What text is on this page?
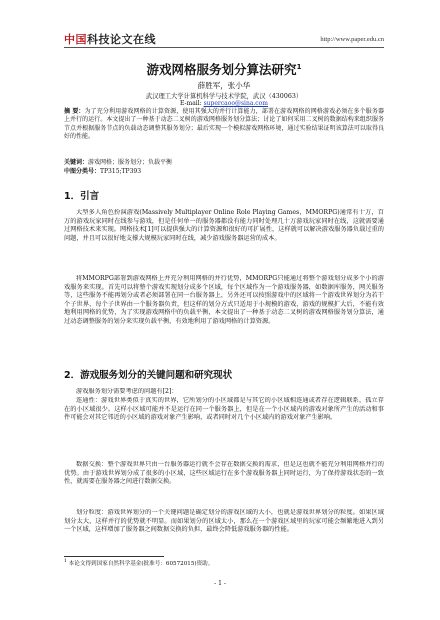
中国 科技论文在线	http://www.paper.edu.cn
游戏网格服务划分算法研究$^1$
薛胜军，张小华
武汉理工大学计算机科学与技术学院，武汉（430063）
E-mail: supercaoo@sina.com
摘 要：为了充分利用游戏网格的计算资源，使用其强大的并行计算能力，部署在游戏网格的网格游戏必须在多个服务器上并行的运行。本文提出了一种基于动态二叉树的游戏网格服务划分算法；讨论了如何采用二叉树的数据结构来组织服务节点并根据服务节点的负载动态调整其服务划分；最后实现一个模拟游戏网格环境，通过实验结果证明该算法可以取得良好的性能。
关键词：游戏网格；服务划分；负载平衡
中图分类号：TP315;TP393
1．引言
大型多人角色扮演游戏(Massively Multiplayer Online Role Playing Games，MMORPG)通常有十万，百万的游戏玩家同时在线参与游戏，但是任何单一的服务器都没有能力同时处理几十万游戏玩家同时在线，这就需要通过网格技术来实现。网格技术[1]可以提供强大的计算资源和很好的可扩展性，这样就可以解决游戏服务器负载过重的问题，并且可以很好地支撑大规模玩家同时在线，减少游戏服务器运营的成本。
将MMORPG部署到游戏网格上并充分利用网格的并行优势，MMORPG只能通过将整个游戏划分成多个小的游戏服务来实现。首先可以将整个游戏实现划分成多个区域，每个区域作为一个游戏服务器，如数据库服务，网关服务等，这些服务不能再划分或者必须部署在同一台服务器上，另外还可以按照游戏中的区域将一个游戏世界划分为若干个子世界，每个子世界由一个服务器负责，但这样的划分方式只适用于小规模的游戏，游戏的规模扩大后，不能有效地利用网格的优势，为了实现游戏网格中的负载平衡，本文提出了一种基于动态二叉树的游戏网格服务划分算法，通过动态调整服务的划分来实现负载平衡，有效地利用了游戏网格的计算资源。
2．游戏服务划分的关键问题和研究现状
游戏服务划分需要考虑的问题有[2]：
连通性：游戏世界类似于真实的世界，它所划分的小区域都是与其它的小区域相连通或者存在逻辑联系，孤立存在的小区域很少。这样小区域可能并不是运行在同一个服务器上，但是在一个小区域内的游戏对象所产生的活动和事件可能会对其它邻近的小区域的游戏对象产生影响，或者同时对几个小区域内的游戏对象产生影响。
数据交换：整个游戏世界只由一台服务器运行就不会存在数据交换的需求，但是这也就不能充分利用网格并行的优势。由于游戏世界划分成了很多的小区域，这些区域运行在多个游戏服务器上同时运行，为了保持游戏状态的一致性，就需要在服务器之间进行数据交换。
划分粒度：游戏世界划分的一个关键问题是确定划分的游戏区域的大小，也就是游戏世界划分的粒度。如果区域划分太大，这样并行的优势就不明显。而如果划分的区域太小，那么在一个游戏区域里的玩家可能会频繁地进入到另一个区域，这样增加了服务器之间数据交换的负担，最终会降低游戏服务器的性能。
$^1$ 本论文得到国家自然科学基金(批准号：60572015)资助。
- 1 -
